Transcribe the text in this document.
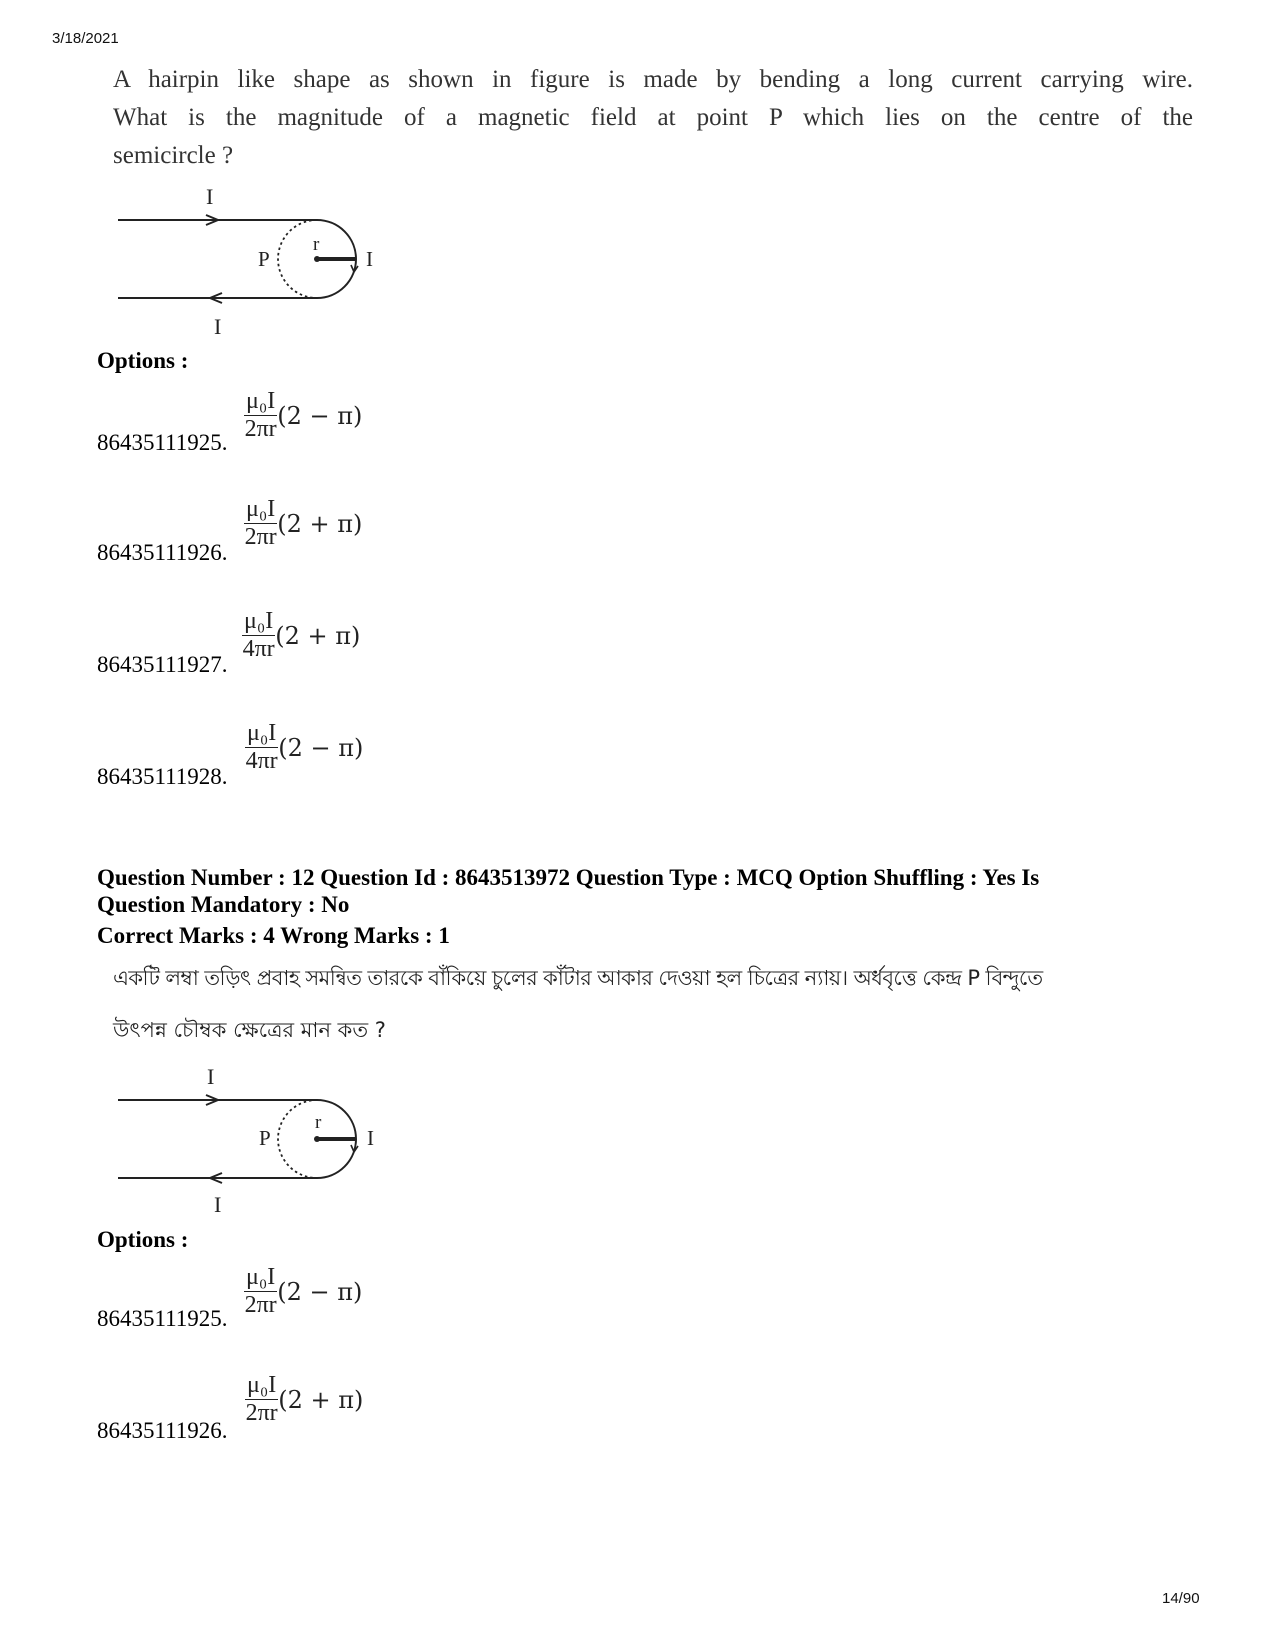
3/18/2021
A hairpin like shape as shown in figure is made by bending a long current carrying wire.
What is the magnitude of a magnetic field at point P which lies on the centre of the
semicircle ?
I
I
P
r
I
Options :
86435111925. $\frac{\text{μ₀I}}{2\pi r} (2 - \pi)$
86435111926.
$\frac{\text{μ₀I}}{2\pi r} (2 + \pi)$
86435111927.
$\frac{\text{μ₀I}}{4\pi r} (2 + \pi)$
86435111928.
$\frac{\text{μ₀I}}{4\pi r} (2 - \pi)$
Question Number : 12 Question Id : 8643513972 Question Type : MCQ Option Shuffling : Yes Is
Question Mandatory : No
Correct Marks : 4 Wrong Marks : 1
একটি লম্বা তড়িৎ প্রবাহ সমন্বিত তারকে বাঁকিয়ে চুলের কাঁটার আকার দেওয়া হল চিত্রের ন্যায়। অর্ধবৃত্তে কেন্দ্র P বিন্দুতে
উৎপন্ন চৌম্বক ক্ষেত্রের মান কত ?
I
I
P
r
I
Options :
86435111925. $\frac{\text{μ₀I}}{2\pi r} (2 - \pi)$
86435111926.
$\frac{\text{μ₀I}}{2\pi r} (2 + \pi)$
14/90
